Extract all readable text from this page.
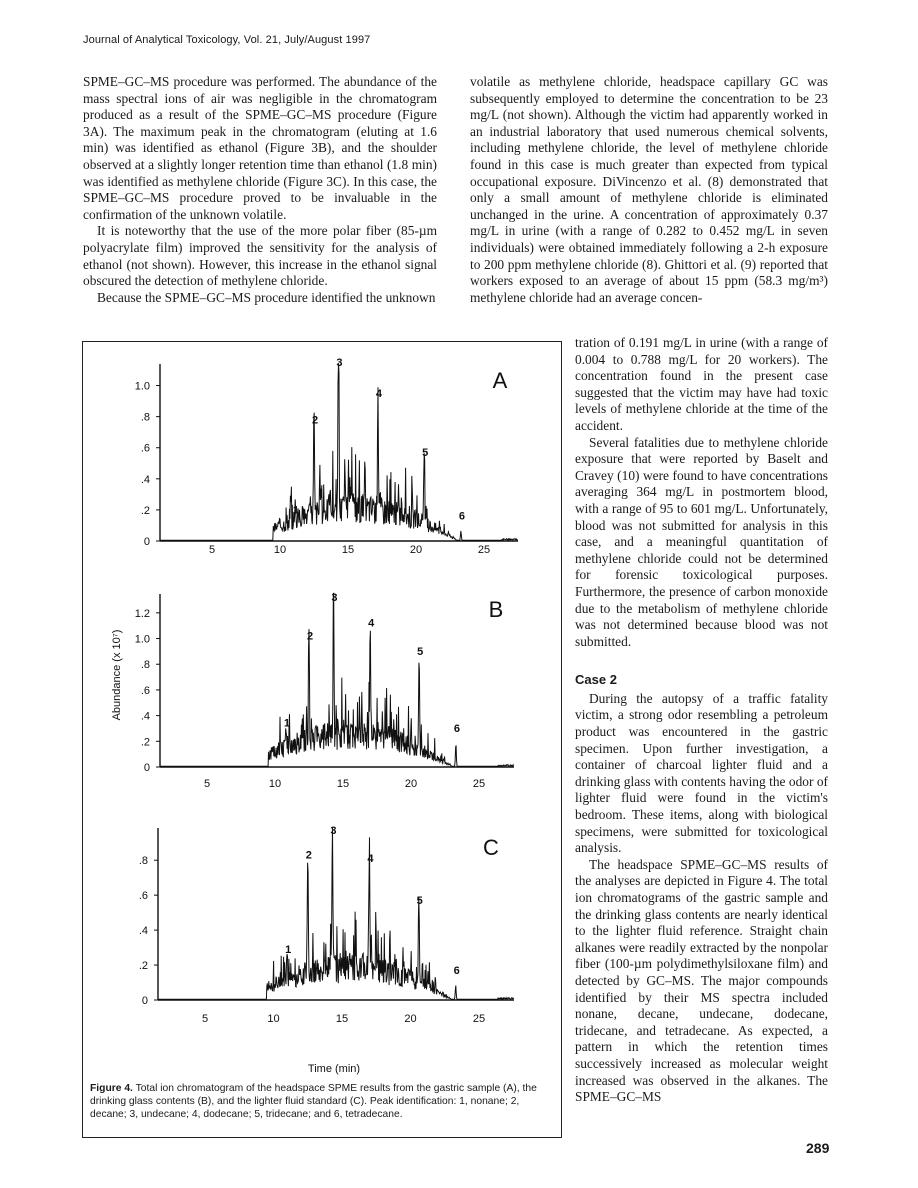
Journal of Analytical Toxicology, Vol. 21, July/August 1997

SPME–GC–MS procedure was performed. The abundance of the mass spectral ions of air was negligible in the chromatogram produced as a result of the SPME–GC–MS procedure (Figure 3A). The maximum peak in the chromatogram (eluting at 1.6 min) was identified as ethanol (Figure 3B), and the shoulder observed at a slightly longer retention time than ethanol (1.8 min) was identified as methylene chloride (Figure 3C). In this case, the SPME–GC–MS procedure proved to be invaluable in the confirmation of the unknown volatile.

It is noteworthy that the use of the more polar fiber (85-µm polyacrylate film) improved the sensitivity for the analysis of ethanol (not shown). However, this increase in the ethanol signal obscured the detection of methylene chloride.

Because the SPME–GC–MS procedure identified the unknown

volatile as methylene chloride, headspace capillary GC was subsequently employed to determine the concentration to be 23 mg/L (not shown). Although the victim had apparently worked in an industrial laboratory that used numerous chemical solvents, including methylene chloride, the level of methylene chloride found in this case is much greater than expected from typical occupational exposure. DiVincenzo et al. (8) demonstrated that only a small amount of methylene chloride is eliminated unchanged in the urine. A concentration of approximately 0.37 mg/L in urine (with a range of 0.282 to 0.452 mg/L in seven individuals) were obtained immediately following a 2-h exposure to 200 ppm methylene chloride (8). Ghittori et al. (9) reported that workers exposed to an average of about 15 ppm (58.3 mg/m³) methylene chloride had an average concen-

tration of 0.191 mg/L in urine (with a range of 0.004 to 0.788 mg/L for 20 workers). The concentration found in the present case suggested that the victim may have had toxic levels of methylene chloride at the time of the accident.

Several fatalities due to methylene chloride exposure that were reported by Baselt and Cravey (10) were found to have concentrations averaging 364 mg/L in postmortem blood, with a range of 95 to 601 mg/L. Unfortunately, blood was not submitted for analysis in this case, and a meaningful quantitation of methylene chloride could not be determined for forensic toxicological purposes. Furthermore, the presence of carbon monoxide due to the metabolism of methylene chloride was not determined because blood was not submitted.

Case 2

During the autopsy of a traffic fatality victim, a strong odor resembling a petroleum product was encountered in the gastric specimen. Upon further investigation, a container of charcoal lighter fluid and a drinking glass with contents having the odor of lighter fluid were found in the victim's bedroom. These items, along with biological specimens, were submitted for toxicological analysis.

The headspace SPME–GC–MS results of the analyses are depicted in Figure 4. The total ion chromatograms of the gastric sample and the drinking glass contents are nearly identical to the lighter fluid reference. Straight chain alkanes were readily extracted by the nonpolar fiber (100-µm polydimethylsiloxane film) and detected by GC–MS. The major compounds identified by their MS spectra included nonane, decane, undecane, dodecane, tridecane, and tetradecane. As expected, a pattern in which the retention times successively increased as molecular weight increased was observed in the alkanes. The SPME–GC–MS

Abundance (x 10⁷)
Time (min)
0
.2
.4
.6
.8
1.0
5	10	15	20	25
A
1
2
3
4
5
6
0
.2
.4
.6
.8
1.0
1.2
5	10	15	20	25
B
1
2
3
4
5
6
0
.2
.4
.6
.8
5	10	15	20	25
C
1
2
3
4
5
6
Figure 4. Total ion chromatogram of the headspace SPME results from the gastric sample (A), the drinking glass contents (B), and the lighter fluid standard (C). Peak identification: 1, nonane; 2, decane; 3, undecane; 4, dodecane; 5, tridecane; and 6, tetradecane.
289
